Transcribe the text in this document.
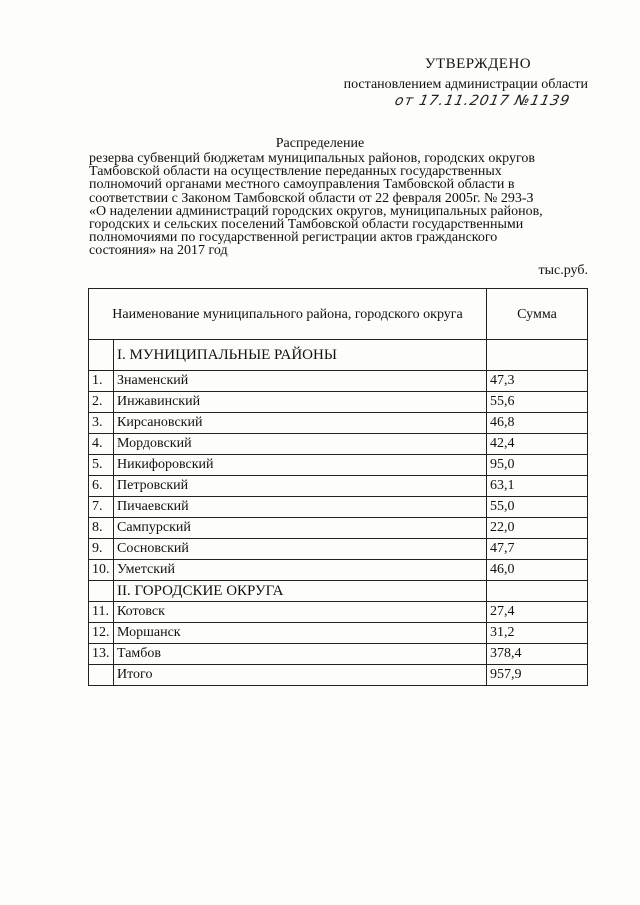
УТВЕРЖДЕНО
постановлением администрации области
от 17.11.2017 №1139
Распределение
резерва субвенций бюджетам муниципальных районов, городских округов
Тамбовской области на осуществление переданных государственных
полномочий органами местного самоуправления Тамбовской области в
соответствии с Законом Тамбовской области от 22 февраля 2005г. № 293-З
«О наделении администраций городских округов, муниципальных районов,
городских и сельских поселений Тамбовской области государственными
полномочиями по государственной регистрации актов гражданского
состояния» на 2017 год
тыс.руб.
Наименование муниципального района, городского округа		Сумма
	I. МУНИЦИПАЛЬНЫЕ РАЙОНЫ	
1.	Знаменский	47,3
2.	Инжавинский	55,6
3.	Кирсановский	46,8
4.	Мордовский	42,4
5.	Никифоровский	95,0
6.	Петровский	63,1
7.	Пичаевский	55,0
8.	Сампурский	22,0
9.	Сосновский	47,7
10.	Уметский	46,0
	II. ГОРОДСКИЕ ОКРУГА	
11.	Котовск	27,4
12.	Моршанск	31,2
13.	Тамбов	378,4
	Итого	957,9
